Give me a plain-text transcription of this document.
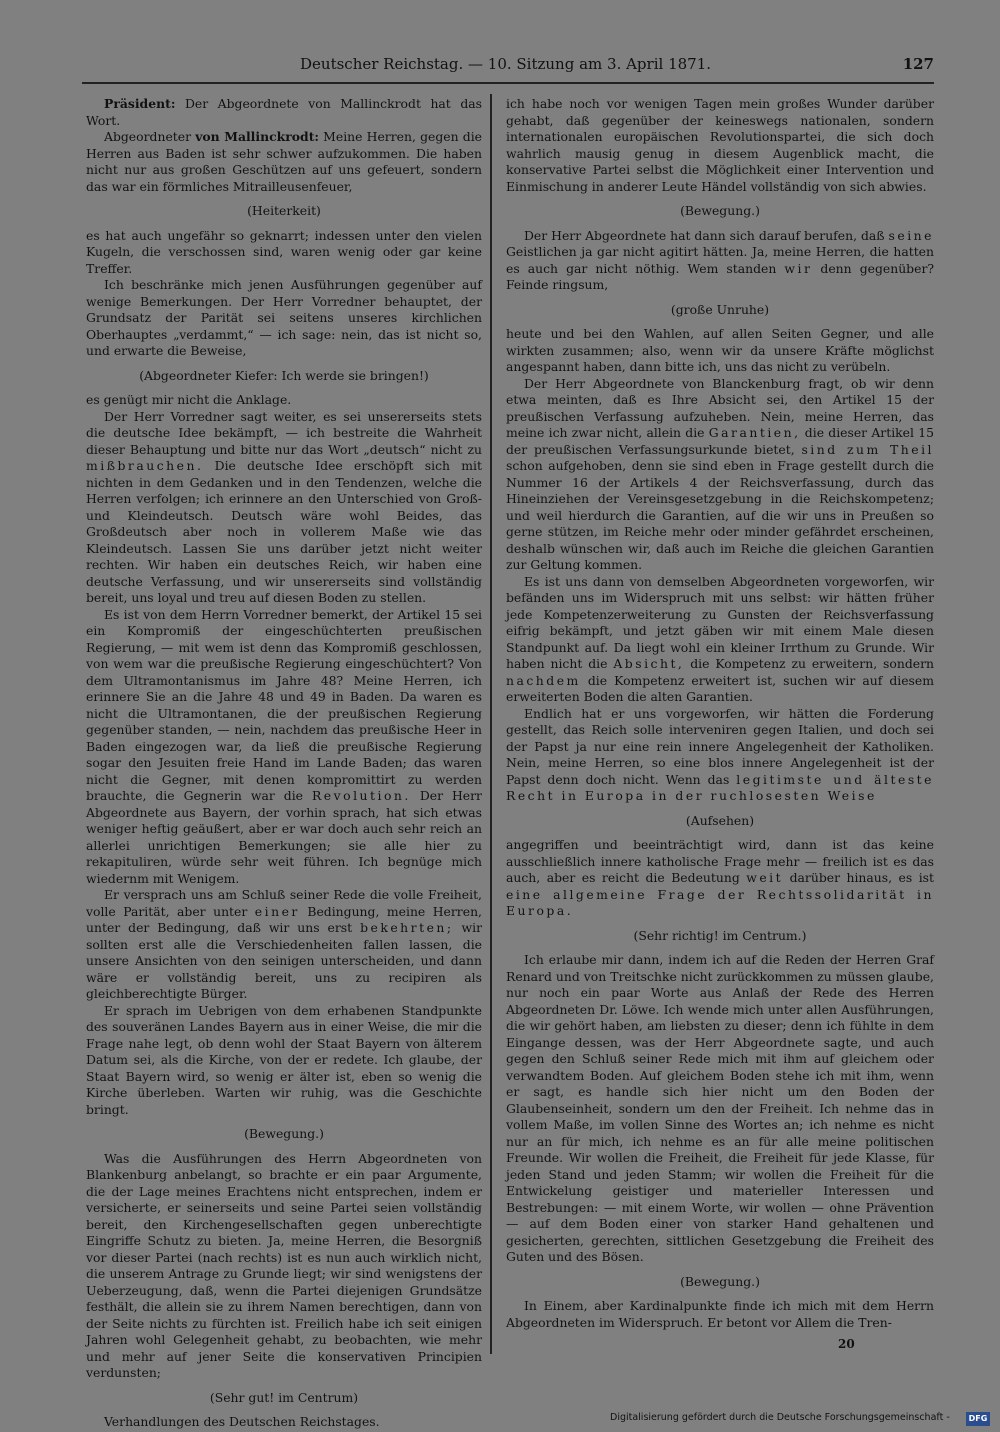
Deutscher Reichstag. — 10. Sitzung am 3. April 1871.	127

Präsident: Der Abgeordnete von Mallinckrodt hat das Wort.

Abgeordneter von Mallinckrodt: Meine Herren, gegen die Herren aus Baden ist sehr schwer aufzukommen. Die haben nicht nur aus großen Geschützen auf uns gefeuert, sondern das war ein förmliches Mitrailleusenfeuer,

(Heiterkeit)

es hat auch ungefähr so geknarrt; indessen unter den vielen Kugeln, die verschossen sind, waren wenig oder gar keine Treffer.

Ich beschränke mich jenen Ausführungen gegenüber auf wenige Bemerkungen. Der Herr Vorredner behauptet, der Grundsatz der Parität sei seitens unseres kirchlichen Oberhauptes „verdammt,“ — ich sage: nein, das ist nicht so, und erwarte die Beweise,

(Abgeordneter Kiefer: Ich werde sie bringen!)

es genügt mir nicht die Anklage.

Der Herr Vorredner sagt weiter, es sei unsererseits stets die deutsche Idee bekämpft, — ich bestreite die Wahrheit dieser Behauptung und bitte nur das Wort „deutsch“ nicht zu mißbrauchen. Die deutsche Idee erschöpft sich mit nichten in dem Gedanken und in den Tendenzen, welche die Herren verfolgen; ich erinnere an den Unterschied von Groß- und Kleindeutsch. Deutsch wäre wohl Beides, das Großdeutsch aber noch in vollerem Maße wie das Kleindeutsch. Lassen Sie uns darüber jetzt nicht weiter rechten. Wir haben ein deutsches Reich, wir haben eine deutsche Verfassung, und wir unsererseits sind vollständig bereit, uns loyal und treu auf diesen Boden zu stellen.

Es ist von dem Herrn Vorredner bemerkt, der Artikel 15 sei ein Kompromiß der eingeschüchterten preußischen Regierung, — mit wem ist denn das Kompromiß geschlossen, von wem war die preußische Regierung eingeschüchtert? Von dem Ultramontanismus im Jahre 48? Meine Herren, ich erinnere Sie an die Jahre 48 und 49 in Baden. Da waren es nicht die Ultramontanen, die der preußischen Regierung gegenüber standen, — nein, nachdem das preußische Heer in Baden eingezogen war, da ließ die preußische Regierung sogar den Jesuiten freie Hand im Lande Baden; das waren nicht die Gegner, mit denen kompromittirt zu werden brauchte, die Gegnerin war die Revolution. Der Herr Abgeordnete aus Bayern, der vorhin sprach, hat sich etwas weniger heftig geäußert, aber er war doch auch sehr reich an allerlei unrichtigen Bemerkungen; sie alle hier zu rekapituliren, würde sehr weit führen. Ich begnüge mich wiedernm mit Wenigem.

Er versprach uns am Schluß seiner Rede die volle Freiheit, volle Parität, aber unter einer Bedingung, meine Herren, unter der Bedingung, daß wir uns erst bekehrten; wir sollten erst alle die Verschiedenheiten fallen lassen, die unsere Ansichten von den seinigen unterscheiden, und dann wäre er vollständig bereit, uns zu recipiren als gleichberechtigte Bürger.

Er sprach im Uebrigen von dem erhabenen Standpunkte des souveränen Landes Bayern aus in einer Weise, die mir die Frage nahe legt, ob denn wohl der Staat Bayern von älterem Datum sei, als die Kirche, von der er redete. Ich glaube, der Staat Bayern wird, so wenig er älter ist, eben so wenig die Kirche überleben. Warten wir ruhig, was die Geschichte bringt.

(Bewegung.)

Was die Ausführungen des Herrn Abgeordneten von Blankenburg anbelangt, so brachte er ein paar Argumente, die der Lage meines Erachtens nicht entsprechen, indem er versicherte, er seinerseits und seine Partei seien vollständig bereit, den Kirchengesellschaften gegen unberechtigte Eingriffe Schutz zu bieten. Ja, meine Herren, die Besorgniß vor dieser Partei (nach rechts) ist es nun auch wirklich nicht, die unserem Antrage zu Grunde liegt; wir sind wenigstens der Ueberzeugung, daß, wenn die Partei diejenigen Grundsätze festhält, die allein sie zu ihrem Namen berechtigen, dann von der Seite nichts zu fürchten ist. Freilich habe ich seit einigen Jahren wohl Gelegenheit gehabt, zu beobachten, wie mehr und mehr auf jener Seite die konservativen Principien verdunsten;

(Sehr gut! im Centrum)

Verhandlungen des Deutschen Reichstages.

ich habe noch vor wenigen Tagen mein großes Wunder darüber gehabt, daß gegenüber der keineswegs nationalen, sondern internationalen europäischen Revolutionspartei, die sich doch wahrlich mausig genug in diesem Augenblick macht, die konservative Partei selbst die Möglichkeit einer Intervention und Einmischung in anderer Leute Händel vollständig von sich abwies.

(Bewegung.)

Der Herr Abgeordnete hat dann sich darauf berufen, daß seine Geistlichen ja gar nicht agitirt hätten. Ja, meine Herren, die hatten es auch gar nicht nöthig. Wem standen wir denn gegenüber? Feinde ringsum,

(große Unruhe)

heute und bei den Wahlen, auf allen Seiten Gegner, und alle wirkten zusammen; also, wenn wir da unsere Kräfte möglichst angespannt haben, dann bitte ich, uns das nicht zu verübeln.

Der Herr Abgeordnete von Blanckenburg fragt, ob wir denn etwa meinten, daß es Ihre Absicht sei, den Artikel 15 der preußischen Verfassung aufzuheben. Nein, meine Herren, das meine ich zwar nicht, allein die Garantien, die dieser Artikel 15 der preußischen Verfassungsurkunde bietet, sind zum Theil schon aufgehoben, denn sie sind eben in Frage gestellt durch die Nummer 16 der Artikels 4 der Reichsverfassung, durch das Hineinziehen der Vereinsgesetzgebung in die Reichskompetenz; und weil hierdurch die Garantien, auf die wir uns in Preußen so gerne stützen, im Reiche mehr oder minder gefährdet erscheinen, deshalb wünschen wir, daß auch im Reiche die gleichen Garantien zur Geltung kommen.

Es ist uns dann von demselben Abgeordneten vorgeworfen, wir befänden uns im Widerspruch mit uns selbst: wir hätten früher jede Kompetenzerweiterung zu Gunsten der Reichsverfassung eifrig bekämpft, und jetzt gäben wir mit einem Male diesen Standpunkt auf. Da liegt wohl ein kleiner Irrthum zu Grunde. Wir haben nicht die Absicht, die Kompetenz zu erweitern, sondern nachdem die Kompetenz erweitert ist, suchen wir auf diesem erweiterten Boden die alten Garantien.

Endlich hat er uns vorgeworfen, wir hätten die Forderung gestellt, das Reich solle interveniren gegen Italien, und doch sei der Papst ja nur eine rein innere Angelegenheit der Katholiken. Nein, meine Herren, so eine blos innere Angelegenheit ist der Papst denn doch nicht. Wenn das legitimste und älteste Recht in Europa in der ruchlosesten Weise

(Aufsehen)

angegriffen und beeinträchtigt wird, dann ist das keine ausschließlich innere katholische Frage mehr — freilich ist es das auch, aber es reicht die Bedeutung weit darüber hinaus, es ist eine allgemeine Frage der Rechtssolidarität in Europa.

(Sehr richtig! im Centrum.)

Ich erlaube mir dann, indem ich auf die Reden der Herren Graf Renard und von Treitschke nicht zurückkommen zu müssen glaube, nur noch ein paar Worte aus Anlaß der Rede des Herren Abgeordneten Dr. Löwe. Ich wende mich unter allen Ausführungen, die wir gehört haben, am liebsten zu dieser; denn ich fühlte in dem Eingange dessen, was der Herr Abgeordnete sagte, und auch gegen den Schluß seiner Rede mich mit ihm auf gleichem oder verwandtem Boden. Auf gleichem Boden stehe ich mit ihm, wenn er sagt, es handle sich hier nicht um den Boden der Glaubenseinheit, sondern um den der Freiheit. Ich nehme das in vollem Maße, im vollen Sinne des Wortes an; ich nehme es nicht nur an für mich, ich nehme es an für alle meine politischen Freunde. Wir wollen die Freiheit, die Freiheit für jede Klasse, für jeden Stand und jeden Stamm; wir wollen die Freiheit für die Entwickelung geistiger und materieller Interessen und Bestrebungen: — mit einem Worte, wir wollen — ohne Prävention — auf dem Boden einer von starker Hand gehaltenen und gesicherten, gerechten, sittlichen Gesetzgebung die Freiheit des Guten und des Bösen.

(Bewegung.)

In Einem, aber Kardinalpunkte finde ich mich mit dem Herrn Abgeordneten im Widerspruch. Er betont vor Allem die Tren-

20
Digitalisierung gefördert durch die Deutsche Forschungsgemeinschaft -	DFG
